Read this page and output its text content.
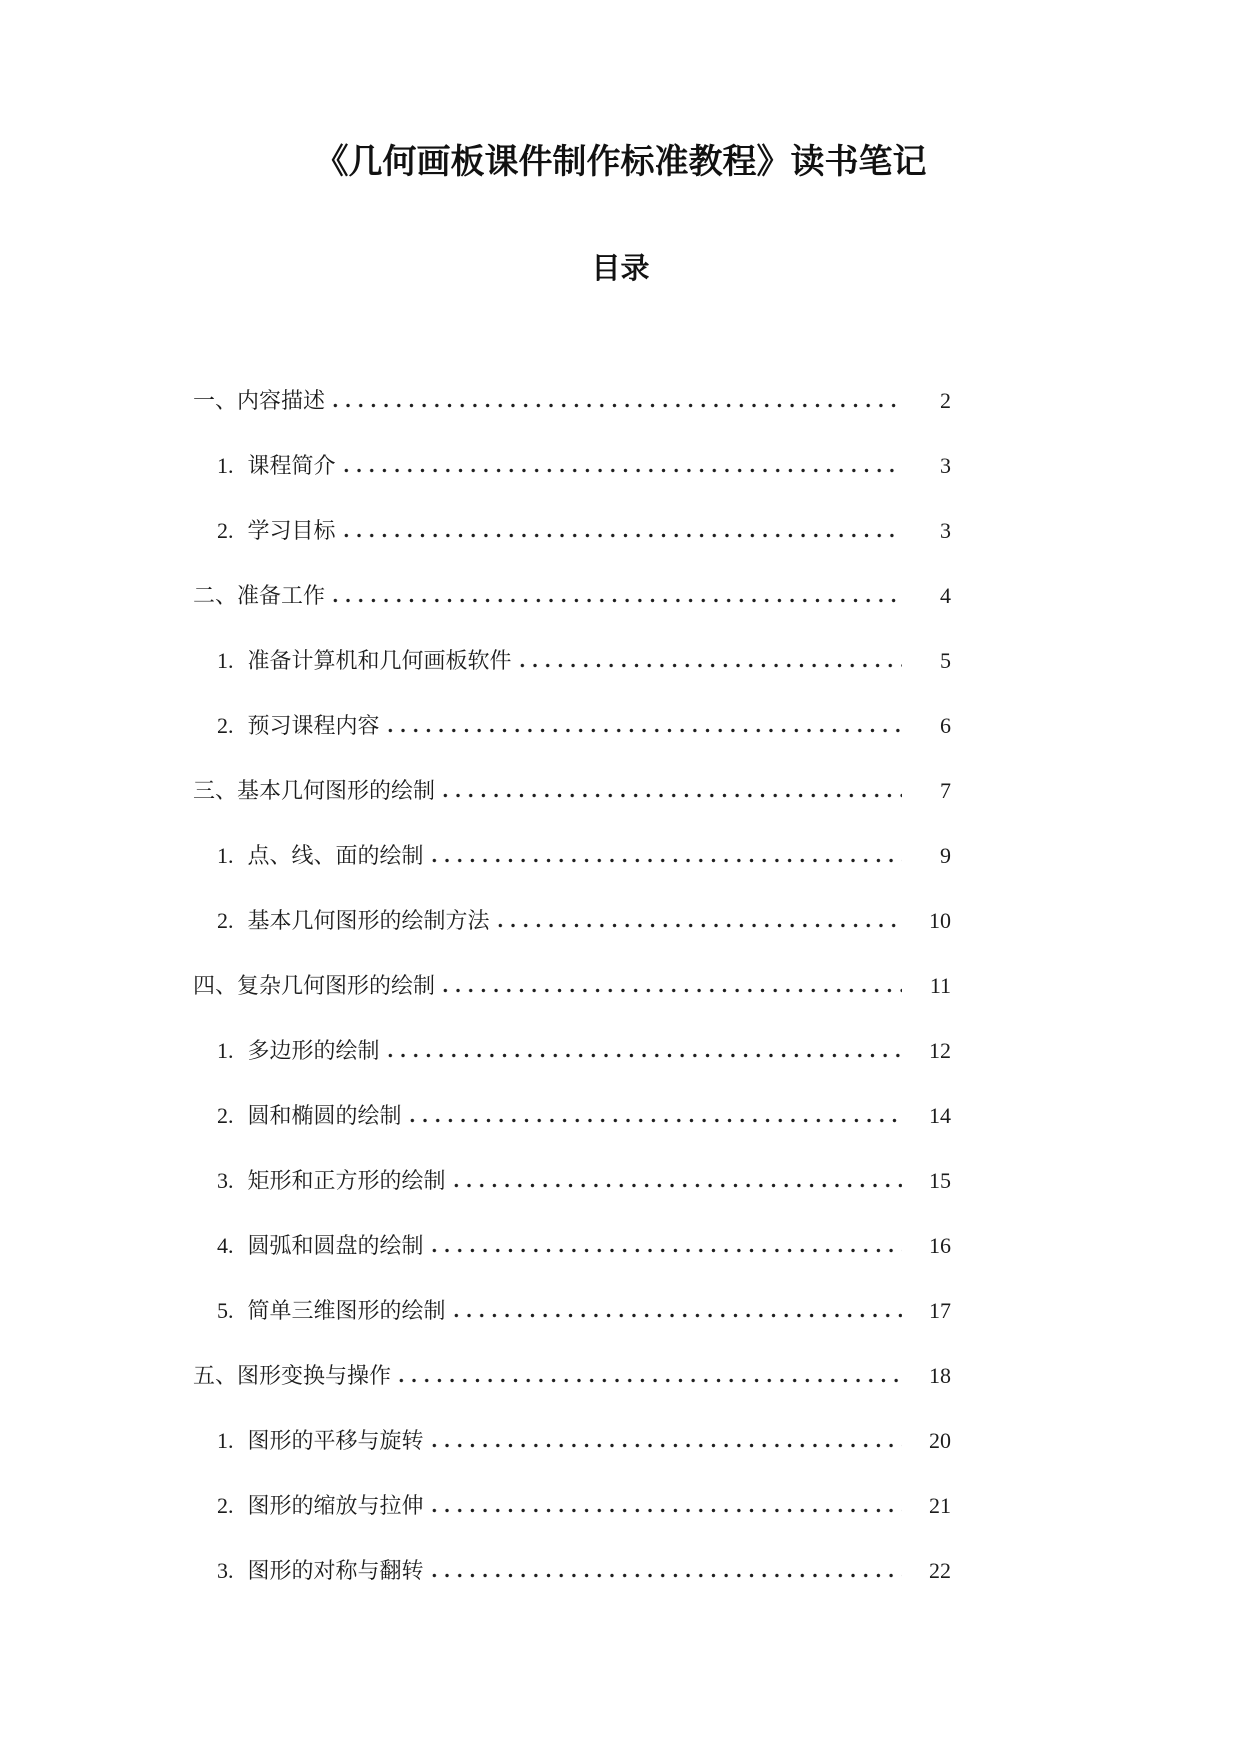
《几何画板课件制作标准教程》读书笔记
目录
一、 内容描述	2
1. 课程简介	3
2. 学习目标	3
二、 准备工作	4
1. 准备计算机和几何画板软件	5
2. 预习课程内容	6
三、 基本几何图形的绘制	7
1. 点、线、面的绘制	9
2. 基本几何图形的绘制方法	10
四、 复杂几何图形的绘制	11
1. 多边形的绘制	12
2. 圆和椭圆的绘制	14
3. 矩形和正方形的绘制	15
4. 圆弧和圆盘的绘制	16
5. 简单三维图形的绘制	17
五、 图形变换与操作	18
1. 图形的平移与旋转	20
2. 图形的缩放与拉伸	21
3. 图形的对称与翻转	22
